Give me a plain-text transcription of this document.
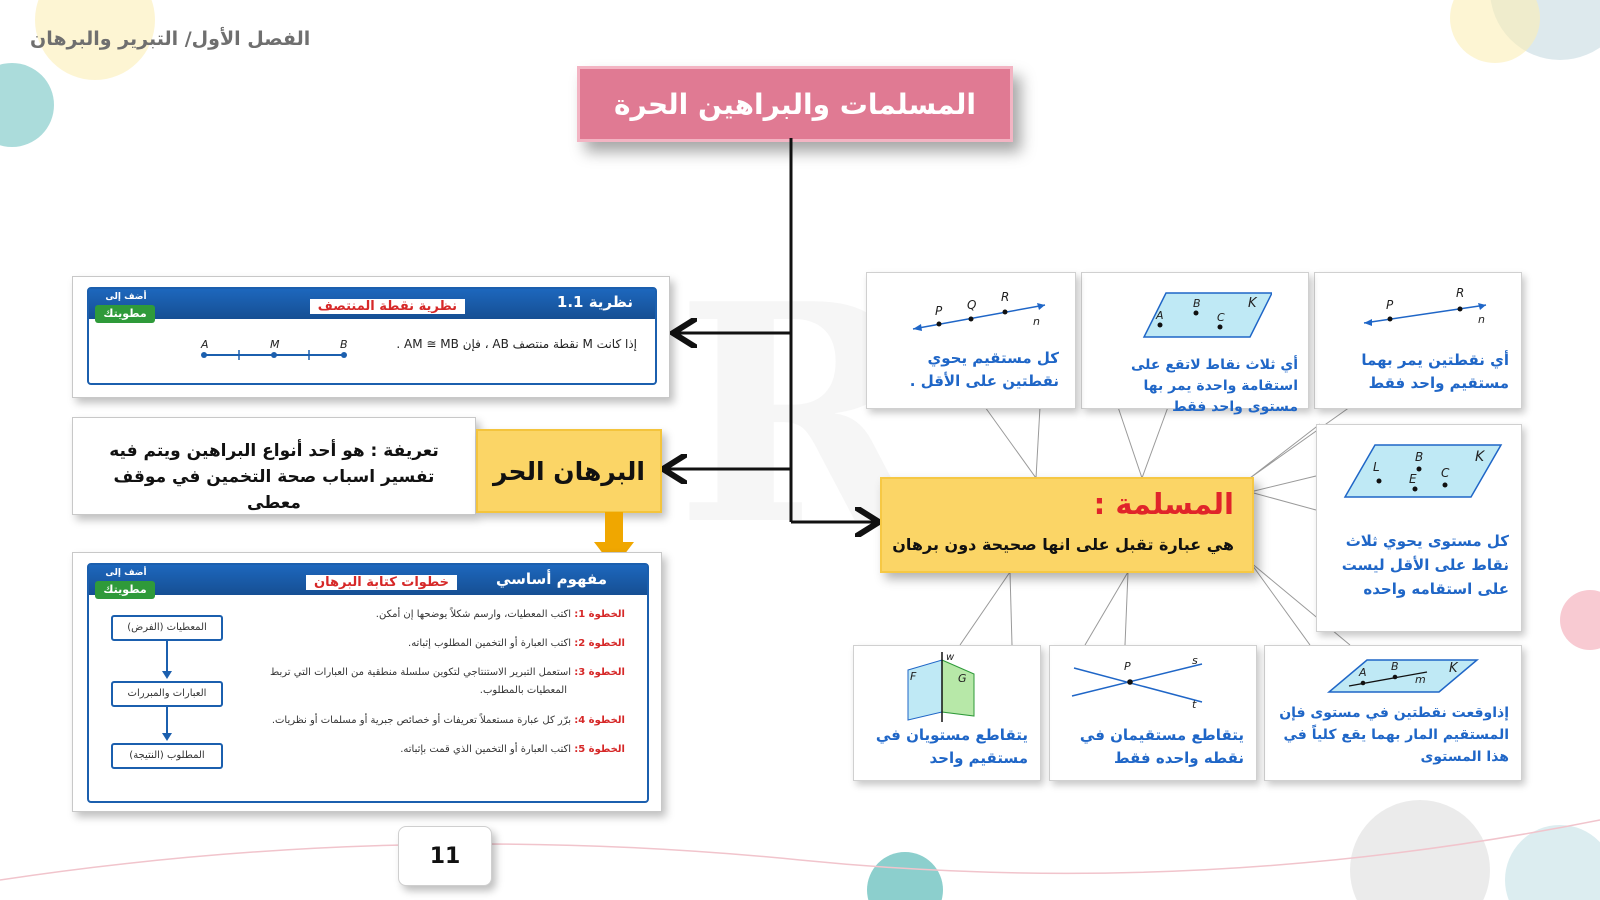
الفصل الأول/ التبرير والبرهان
المسلمات والبراهين الحرة
نظرية 1.1
نظرية نقطة المنتصف
أضف إلى
مطويتك
إذا كانت M نقطة منتصف AB ، فإن AM ≅ MB .
A	M	B
تعريفة : هو أحد أنواع البراهين ويتم فيه تفسير اسباب صحة التخمين في موقف معطى
البرهان الحر
مفهوم أساسي
خطوات كتابة البرهان
أضف إلى
مطويتك
الخطوة 1: اكتب المعطيات، وارسم شكلاً يوضحها إن أمكن.
الخطوة 2: اكتب العبارة أو التخمين المطلوب إثباته.
الخطوة 3: استعمل التبرير الاستنتاجي لتكوين سلسلة منطقية من العبارات التي تربط
المعطيات بالمطلوب.
الخطوة 4: برّر كل عبارة مستعملاً تعريفات أو خصائص جبرية أو مسلمات أو نظريات.
الخطوة 5: اكتب العبارة أو التخمين الذي قمت بإثباته.
المعطيات (الفرض)
العبارات والمبررات
المطلوب (النتيجة)
11
المسلمة :
هي عبارة تقبل على انها صحيحة دون برهان
P
R
n
أي نقطتين يمر بهما مستقيم واحد فقط
A
B
C
K
أي ثلاث نقاط لاتقع على استقامة واحدة يمر بها مستوى واحد فقط
P Q
R
n
كل مستقيم يحوي نقطتين على الأقل .
L
B
C
E
K
كل مستوى يحوي ثلاث نقاط على الأقل ليست على استقامه واحده
A B
m
K
إذاوقعت نقطتين في مستوى فإن المستقيم المار بهما يقع كلياً في هذا المستوى
P	s
t
يتقاطع مستقيمان في نقطه واحده فقط
F	G
w
يتقاطع مستويان في مستقيم واحد
